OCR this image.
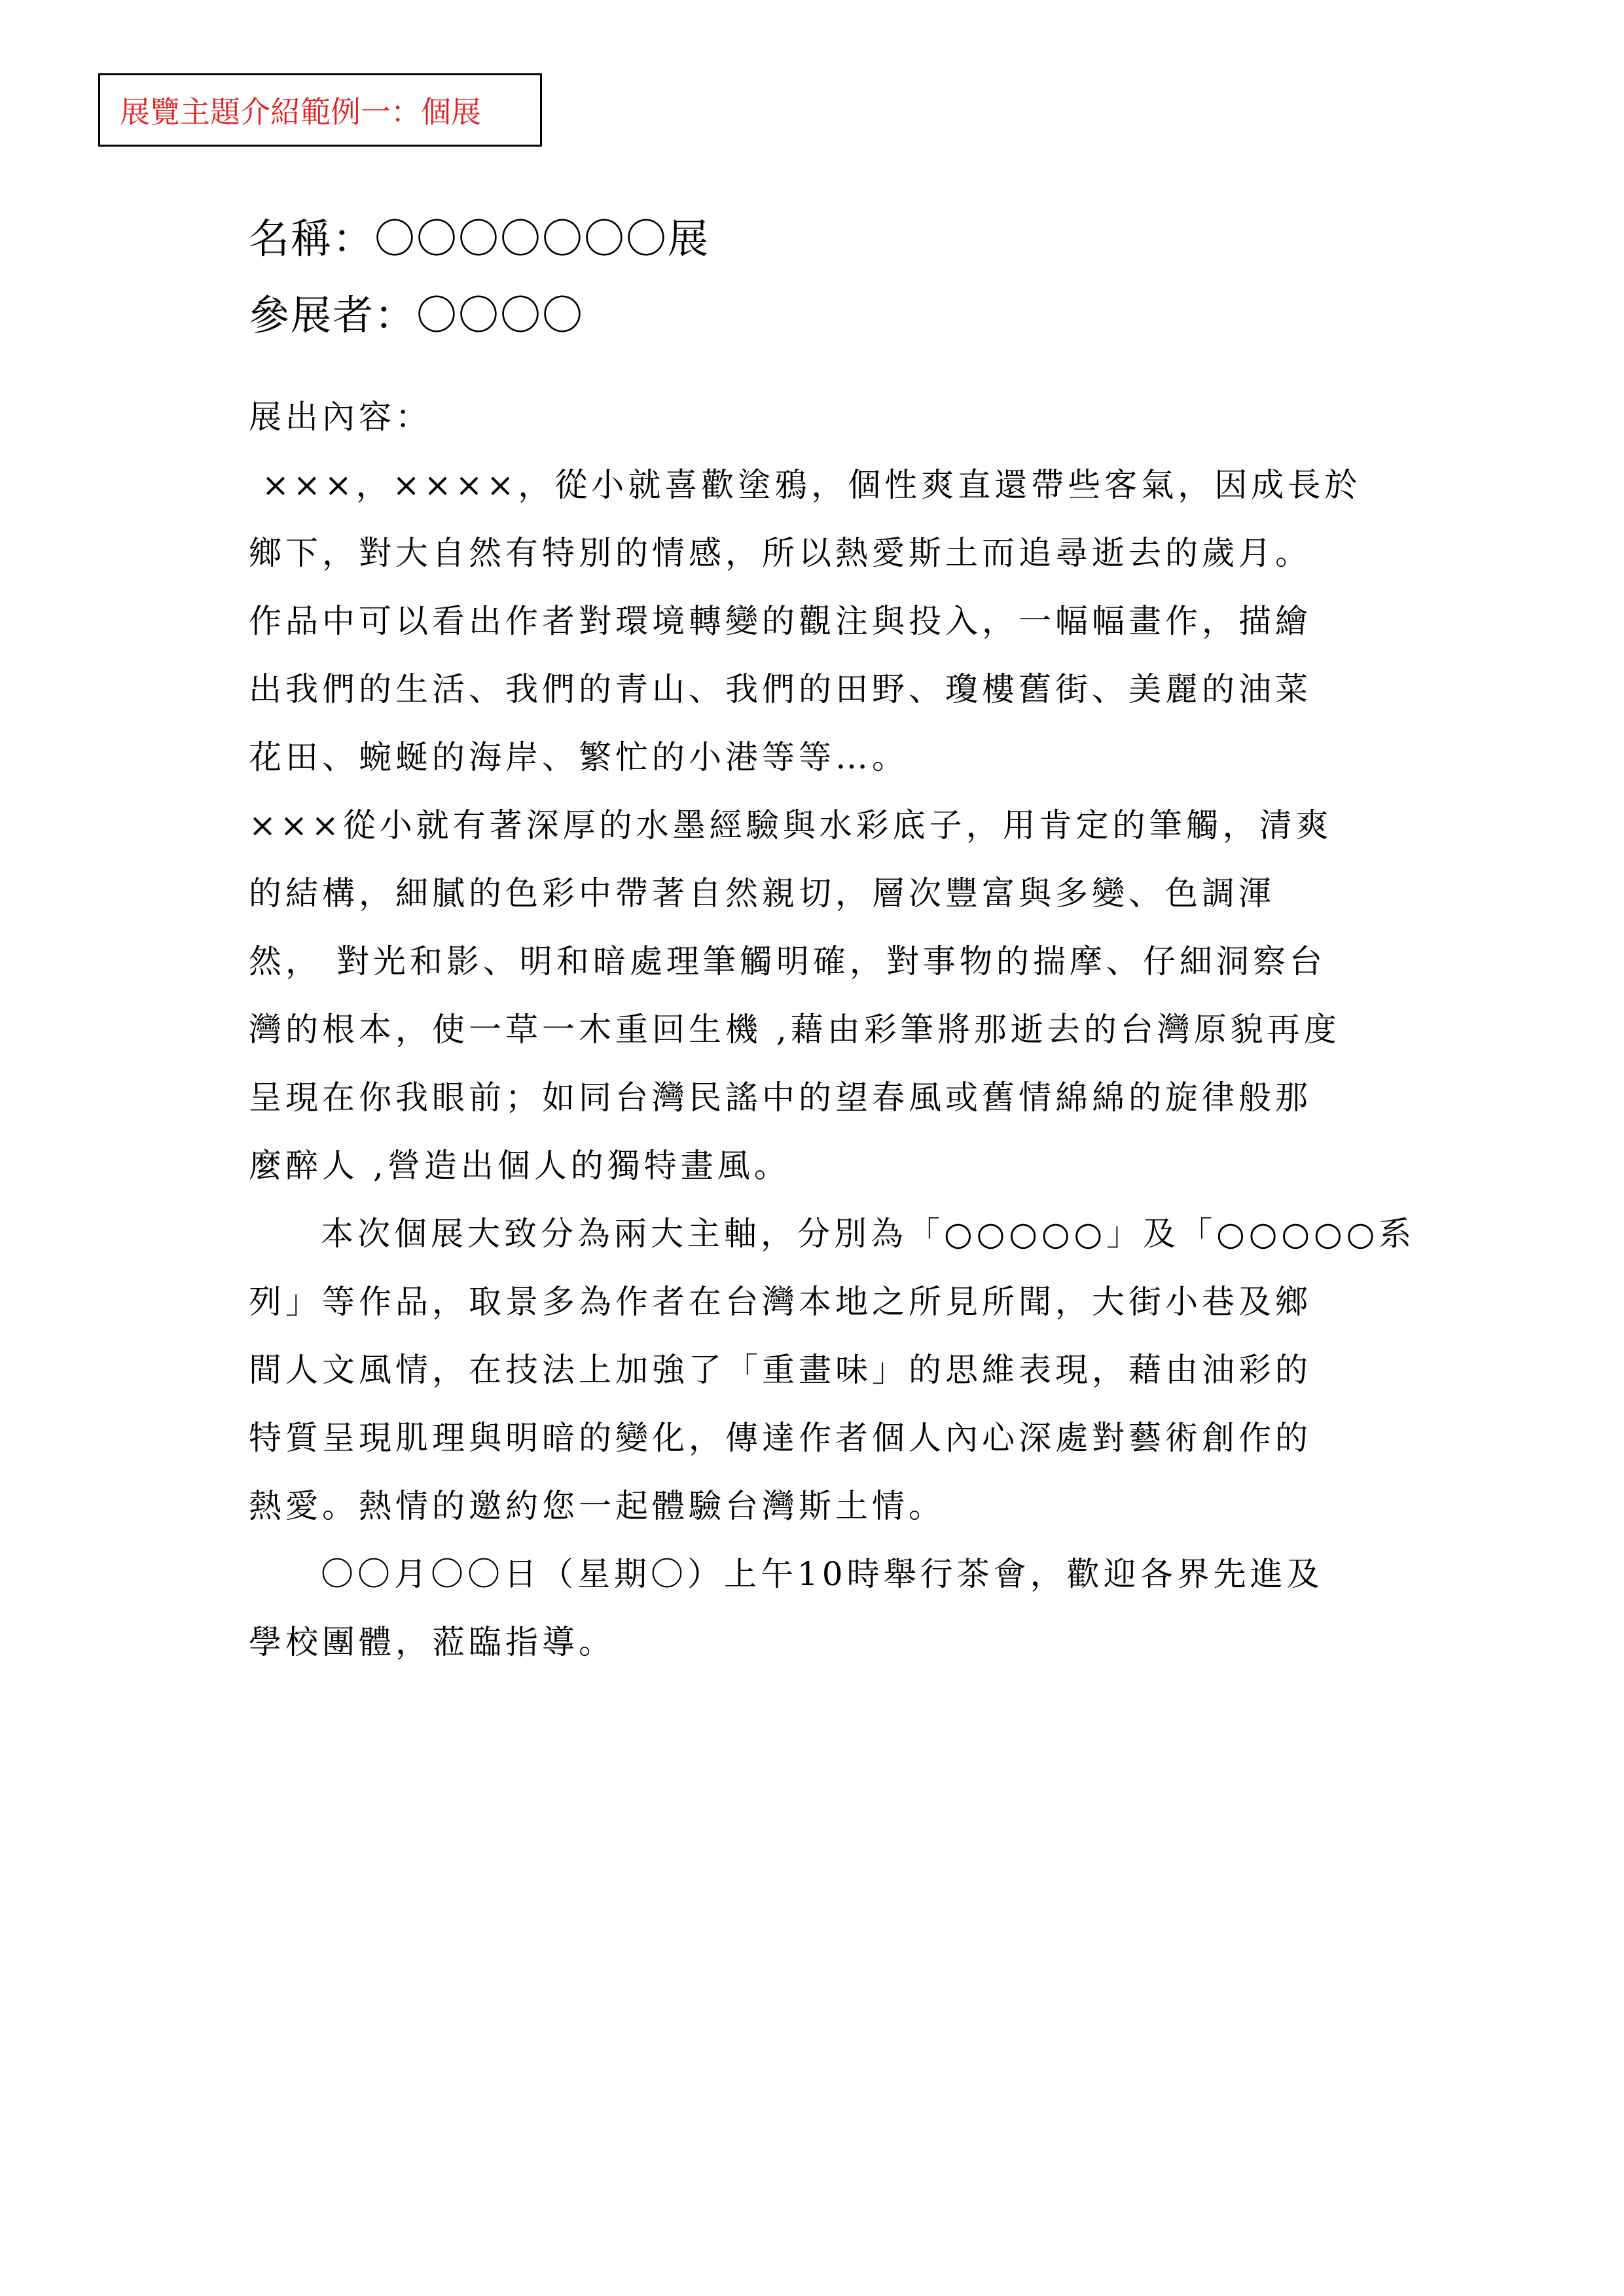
展覽主題介紹範例一：個展
名稱：〇〇〇〇〇〇〇展
參展者：〇〇〇〇
展出內容：
×××，××××，從小就喜歡塗鴉，個性爽直還帶些客氣，因成長於
鄉下，對大自然有特別的情感，所以熱愛斯土而追尋逝去的歲月。
作品中可以看出作者對環境轉變的觀注與投入，一幅幅畫作，描繪
出我們的生活、我們的青山、我們的田野、瓊樓舊街、美麗的油菜
花田、蜿蜒的海岸、繁忙的小港等等…。
×××從小就有著深厚的水墨經驗與水彩底子，用肯定的筆觸，清爽
的結構，細膩的色彩中帶著自然親切，層次豐富與多變、色調渾
然， 對光和影、明和暗處理筆觸明確，對事物的揣摩、仔細洞察台
灣的根本，使一草一木重回生機 ,藉由彩筆將那逝去的台灣原貌再度
呈現在你我眼前；如同台灣民謠中的望春風或舊情綿綿的旋律般那
麼醉人 ,營造出個人的獨特畫風。
本次個展大致分為兩大主軸，分別為「○○○○○」及「○○○○○系
列」等作品，取景多為作者在台灣本地之所見所聞，大街小巷及鄉
間人文風情，在技法上加強了「重畫味」的思維表現，藉由油彩的
特質呈現肌理與明暗的變化，傳達作者個人內心深處對藝術創作的
熱愛。熱情的邀約您一起體驗台灣斯土情。
〇〇月〇〇日（星期〇）上午10時舉行茶會，歡迎各界先進及
學校團體，蒞臨指導。
